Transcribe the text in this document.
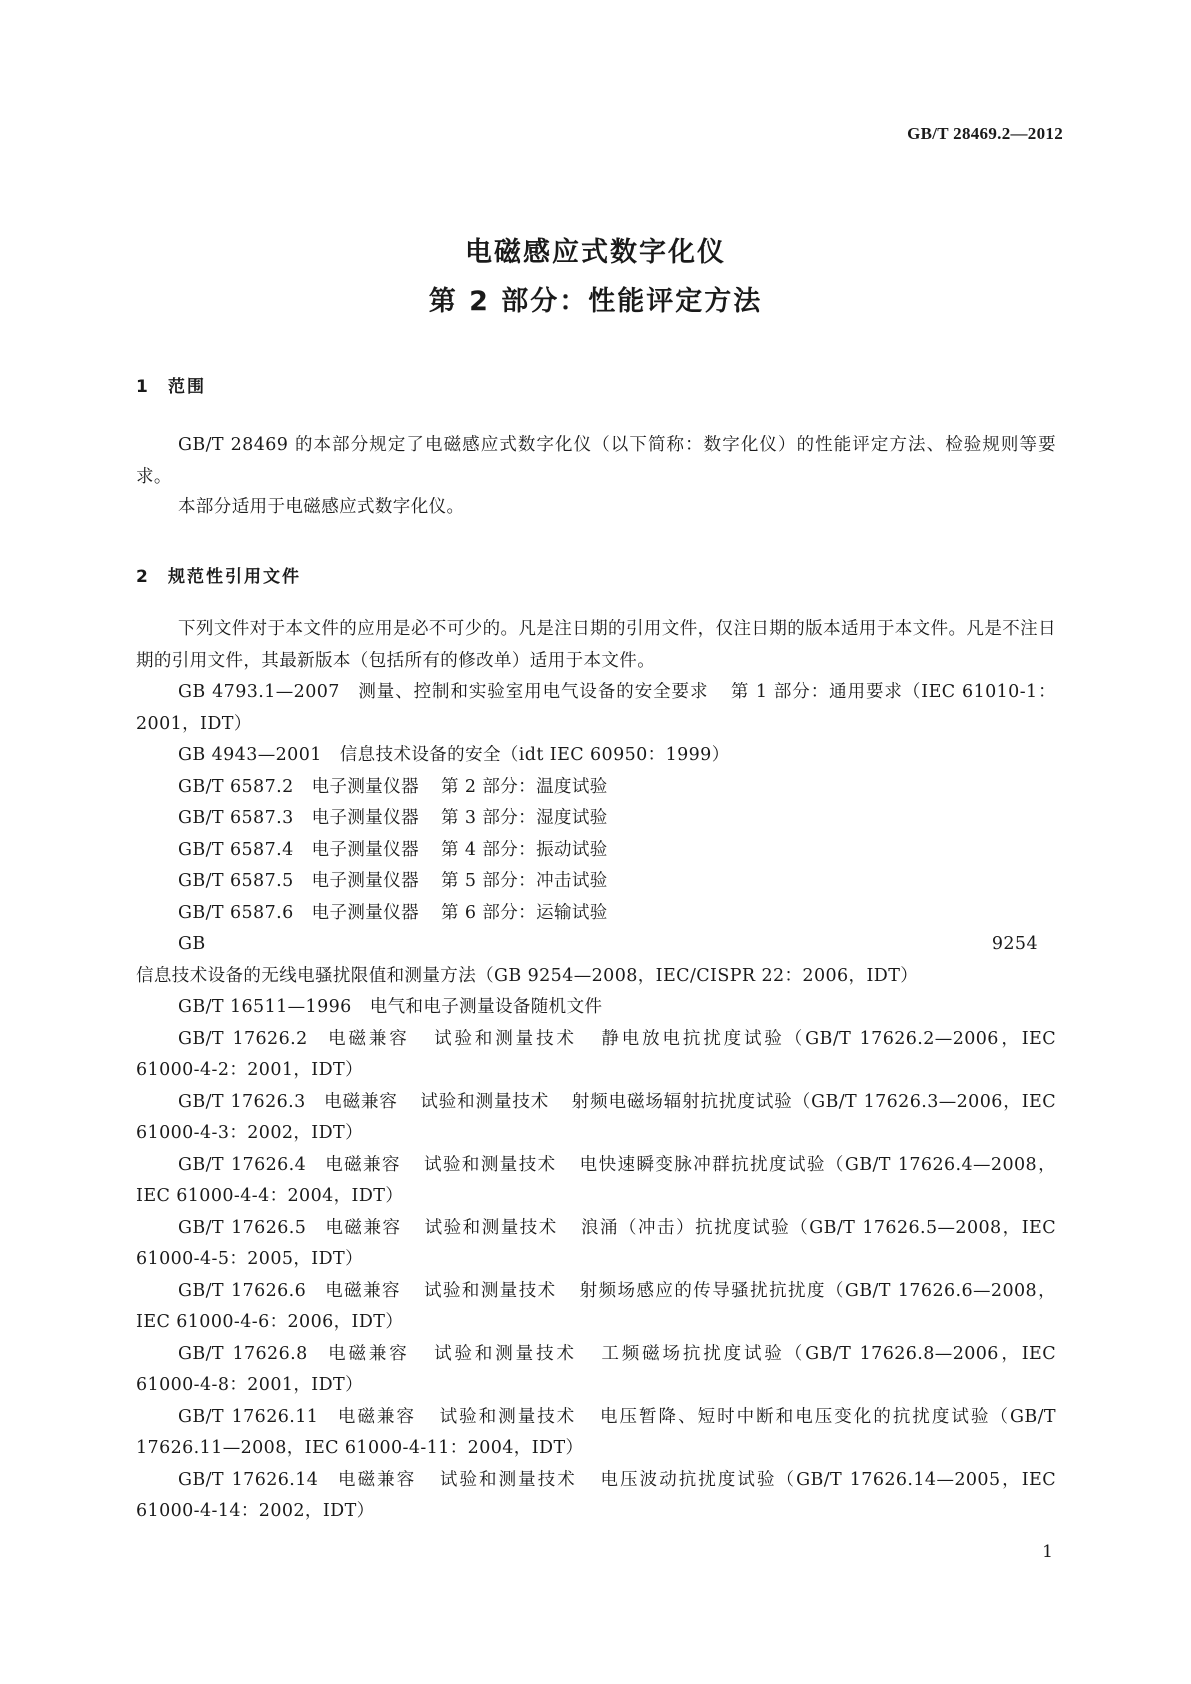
GB/T 28469.2—2012
电磁感应式数字化仪
第 2 部分：性能评定方法
1 范围

GB/T 28469 的本部分规定了电磁感应式数字化仪（以下简称：数字化仪）的性能评定方法、检验规则等要求。

本部分适用于电磁感应式数字化仪。

2 规范性引用文件
下列文件对于本文件的应用是必不可少的。凡是注日期的引用文件，仅注日期的版本适用于本文件。凡是不注日期的引用文件，其最新版本（包括所有的修改单）适用于本文件。
GB 4793.1—2007 测量、控制和实验室用电气设备的安全要求 第 1 部分：通用要求（IEC 61010-1：2001，IDT）
GB 4943—2001 信息技术设备的安全（idt IEC 60950：1999）
GB/T 6587.2 电子测量仪器 第 2 部分：温度试验
GB/T 6587.3 电子测量仪器 第 3 部分：湿度试验
GB/T 6587.4 电子测量仪器 第 4 部分：振动试验
GB/T 6587.5 电子测量仪器 第 5 部分：冲击试验
GB/T 6587.6 电子测量仪器 第 6 部分：运输试验
GB 9254信息技术设备的无线电骚扰限值和测量方法（GB 9254—2008，IEC/CISPR 22：2006，IDT）
GB/T 16511—1996 电气和电子测量设备随机文件
GB/T 17626.2 电磁兼容 试验和测量技术 静电放电抗扰度试验（GB/T 17626.2—2006，IEC 61000-4-2：2001，IDT）
GB/T 17626.3 电磁兼容 试验和测量技术 射频电磁场辐射抗扰度试验（GB/T 17626.3—2006，IEC 61000-4-3：2002，IDT）
GB/T 17626.4 电磁兼容 试验和测量技术 电快速瞬变脉冲群抗扰度试验（GB/T 17626.4—2008，IEC 61000-4-4：2004，IDT）
GB/T 17626.5 电磁兼容 试验和测量技术 浪涌（冲击）抗扰度试验（GB/T 17626.5—2008，IEC 61000-4-5：2005，IDT）
GB/T 17626.6 电磁兼容 试验和测量技术 射频场感应的传导骚扰抗扰度（GB/T 17626.6—2008，IEC 61000-4-6：2006，IDT）
GB/T 17626.8 电磁兼容 试验和测量技术 工频磁场抗扰度试验（GB/T 17626.8—2006，IEC 61000-4-8：2001，IDT）
GB/T 17626.11 电磁兼容 试验和测量技术 电压暂降、短时中断和电压变化的抗扰度试验（GB/T 17626.11—2008，IEC 61000-4-11：2004，IDT）
GB/T 17626.14 电磁兼容 试验和测量技术 电压波动抗扰度试验（GB/T 17626.14—2005，IEC 61000-4-14：2002，IDT）
1
